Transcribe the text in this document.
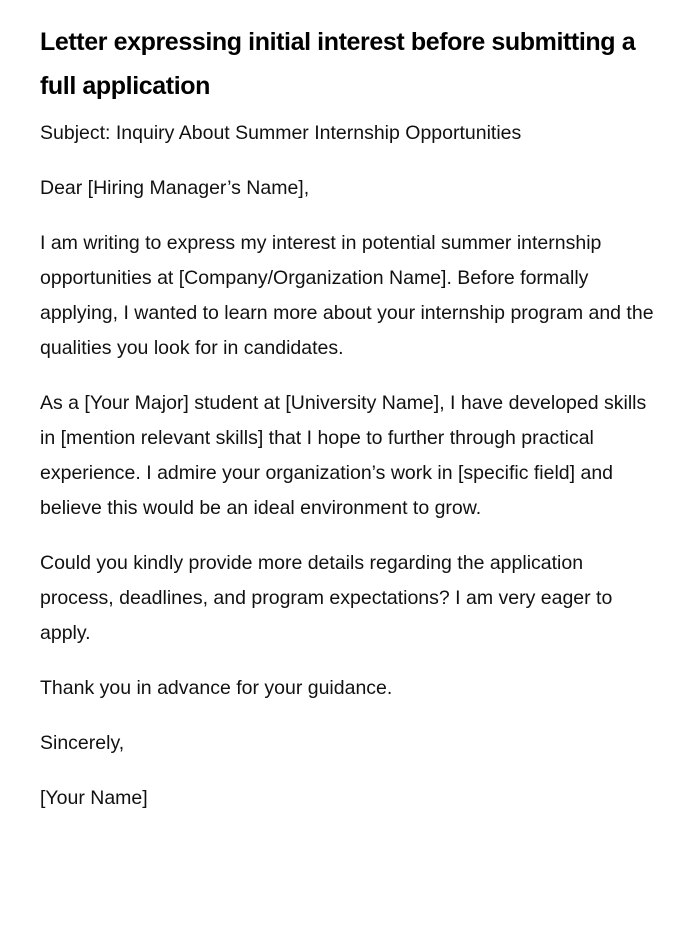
Letter expressing initial interest before submitting a full application

Subject: Inquiry About Summer Internship Opportunities

Dear [Hiring Manager’s Name],

I am writing to express my interest in potential summer internship opportunities at [Company/Organization Name]. Before formally applying, I wanted to learn more about your internship program and the qualities you look for in candidates.

As a [Your Major] student at [University Name], I have developed skills in [mention relevant skills] that I hope to further through practical experience. I admire your organization’s work in [specific field] and believe this would be an ideal environment to grow.

Could you kindly provide more details regarding the application process, deadlines, and program expectations? I am very eager to apply.

Thank you in advance for your guidance.

Sincerely,

[Your Name]
